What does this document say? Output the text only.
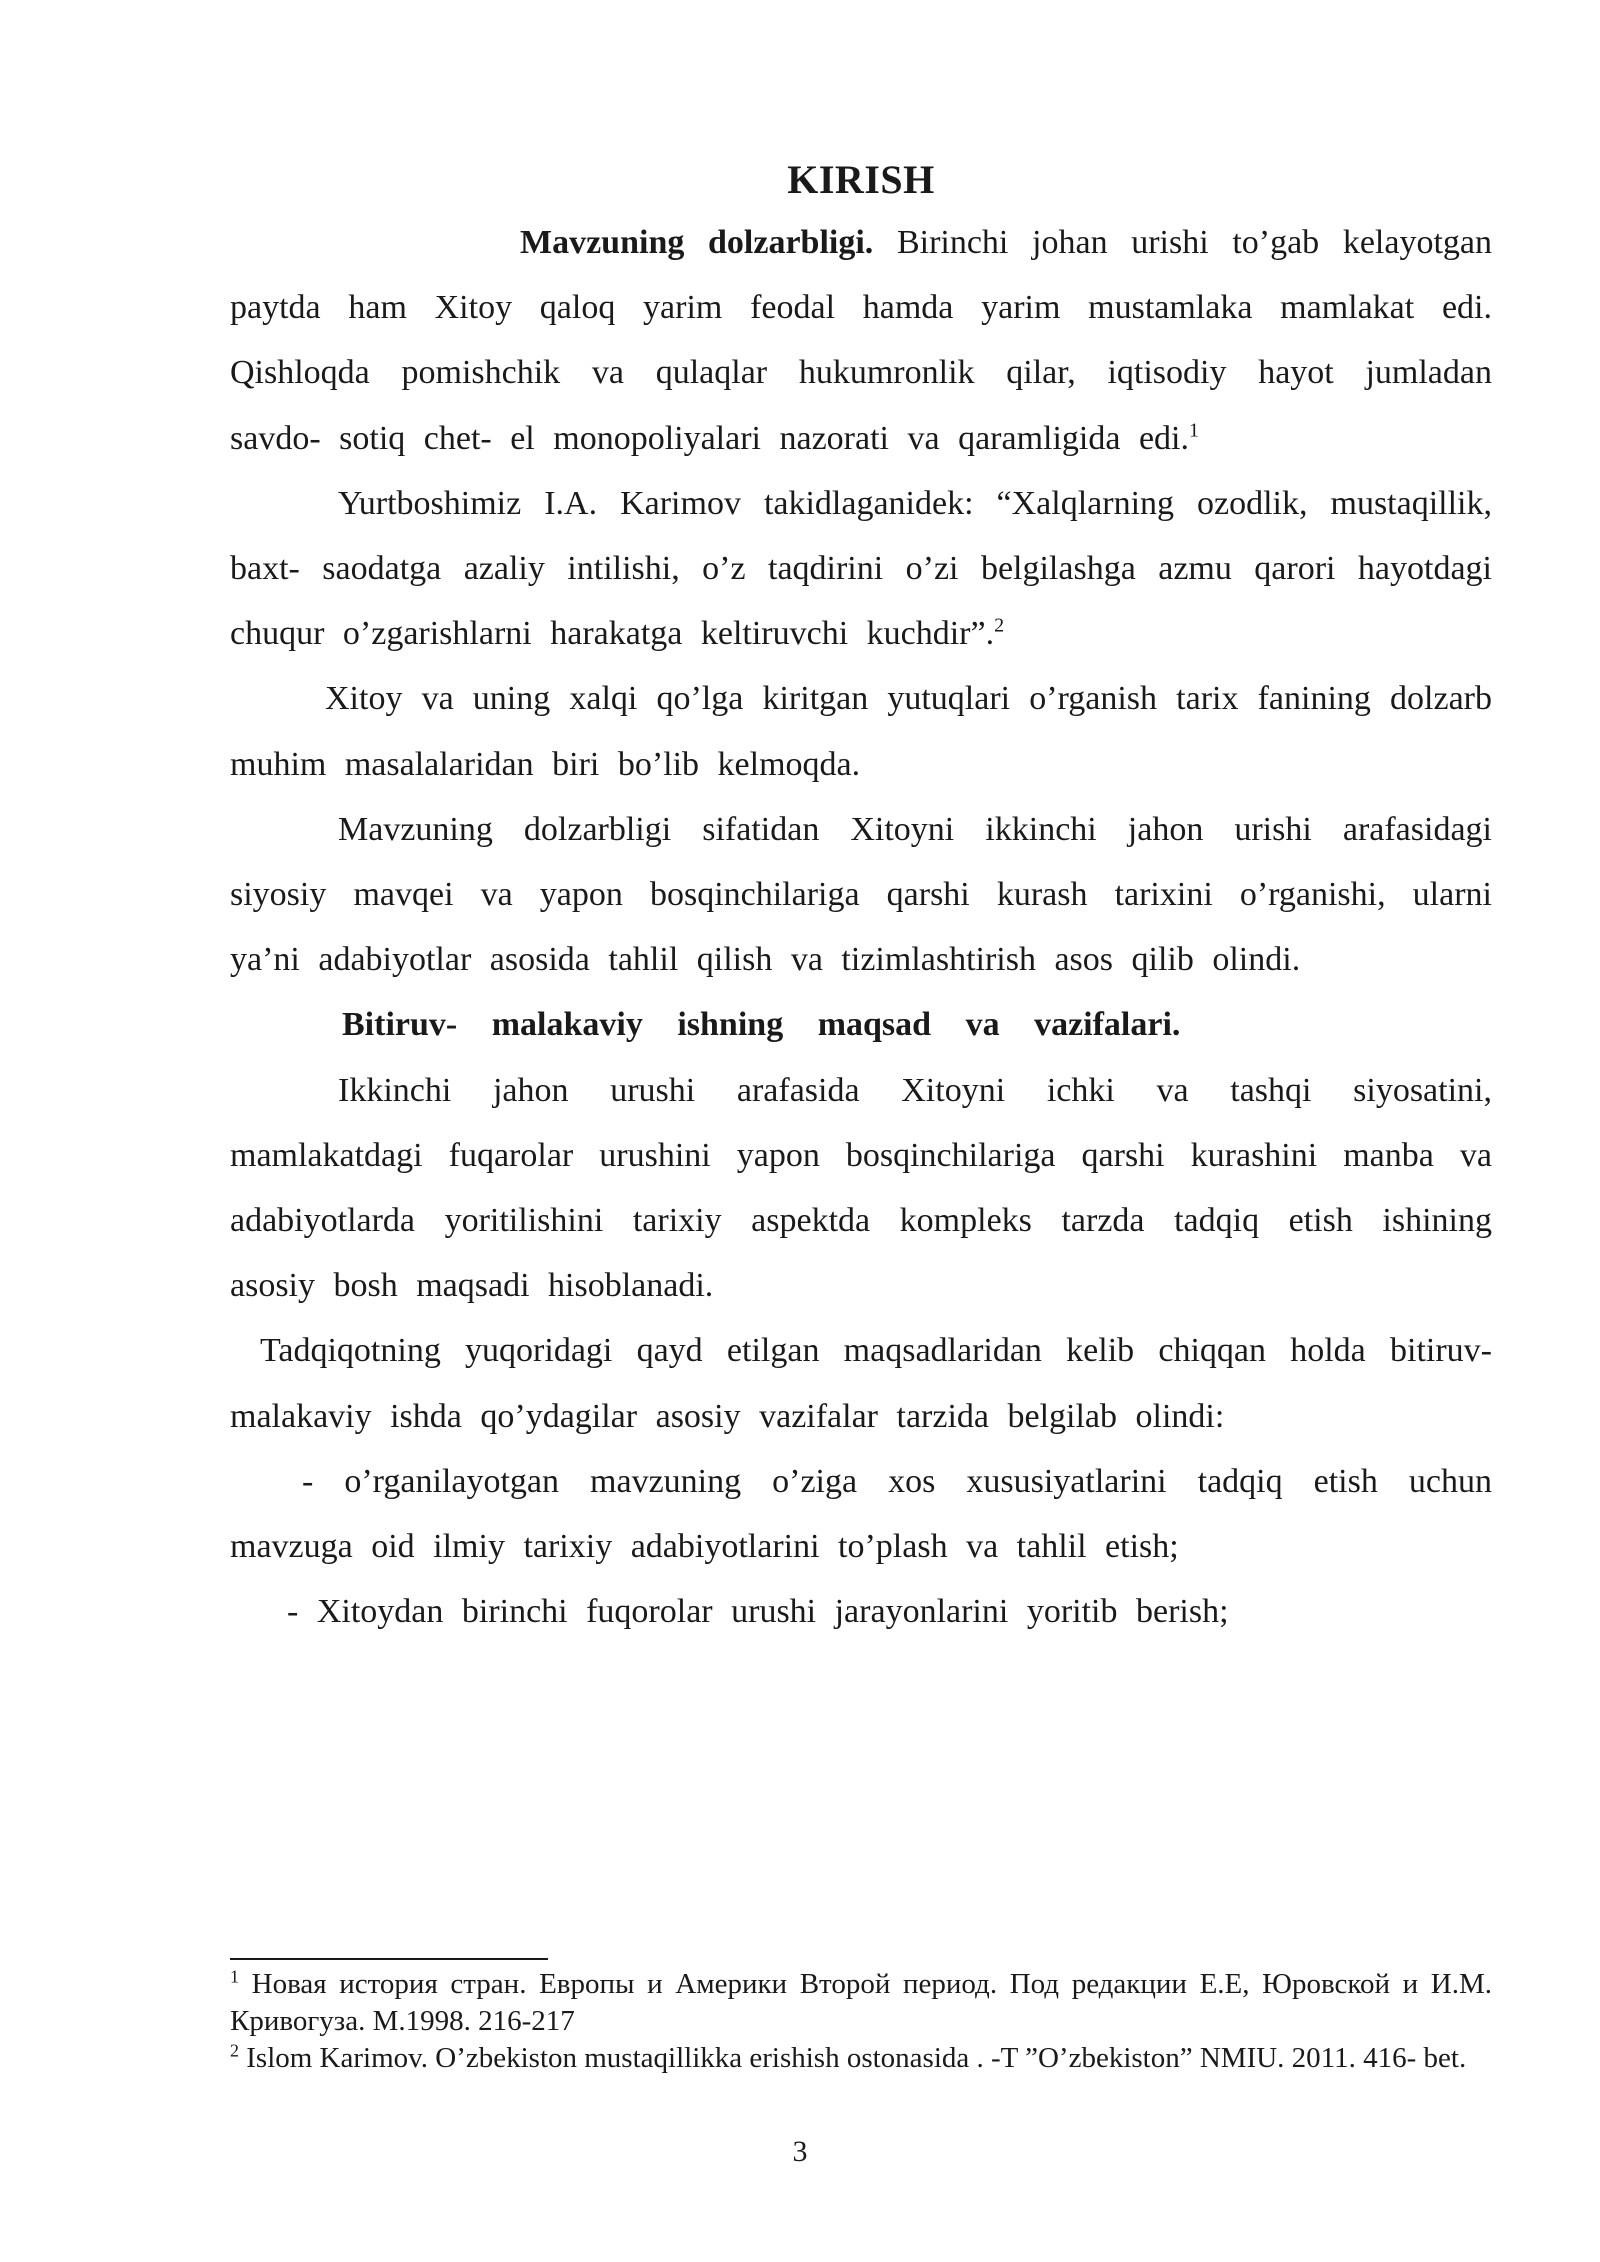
KIRISH

Mavzuning dolzarbligi. Birinchi johan urishi to’gab kelayotgan paytda ham Xitoy qaloq yarim feodal hamda yarim mustamlaka mamlakat edi. Qishloqda pomishchik va qulaqlar hukumronlik qilar, iqtisodiy hayot jumladan savdo- sotiq chet- el monopoliyalari nazorati va qaramligida edi.$^1$

Yurtboshimiz I.A. Karimov takidlaganidek: “Xalqlarning ozodlik, mustaqillik, baxt- saodatga azaliy intilishi, o’z taqdirini o’zi belgilashga azmu qarori hayotdagi chuqur o’zgarishlarni harakatga keltiruvchi kuchdir”.$^2$

Xitoy va uning xalqi qo’lga kiritgan yutuqlari o’rganish tarix fanining dolzarb muhim masalalaridan biri bo’lib kelmoqda.

Mavzuning dolzarbligi sifatidan Xitoyni ikkinchi jahon urishi arafasidagi siyosiy mavqei va yapon bosqinchilariga qarshi kurash tarixini o’rganishi, ularni ya’ni adabiyotlar asosida tahlil qilish va tizimlashtirish asos qilib olindi.

Bitiruv- malakaviy ishning maqsad va vazifalari.

Ikkinchi jahon urushi arafasida Xitoyni ichki va tashqi siyosatini, mamlakatdagi fuqarolar urushini yapon bosqinchilariga qarshi kurashini manba va adabiyotlarda yoritilishini tarixiy aspektda kompleks tarzda tadqiq etish ishining asosiy bosh maqsadi hisoblanadi.

Tadqiqotning yuqoridagi qayd etilgan maqsadlaridan kelib chiqqan holda bitiruv- malakaviy ishda qo’ydagilar asosiy vazifalar tarzida belgilab olindi:

- o’rganilayotgan mavzuning o’ziga xos xususiyatlarini tadqiq etish uchun mavzuga oid ilmiy tarixiy adabiyotlarini to’plash va tahlil etish;

- Xitoydan birinchi fuqorolar urushi jarayonlarini yoritib berish;

$^1$ Новая история стран. Европы и Америки Второй период. Под редакции Е.Е, Юровской и И.М. Кривогуза. М.1998. 216-217

$^2$ Islom Karimov. O’zbekiston mustaqillikka erishish ostonasida . -T ”O’zbekiston” NMIU. 2011. 416- bet.

3
